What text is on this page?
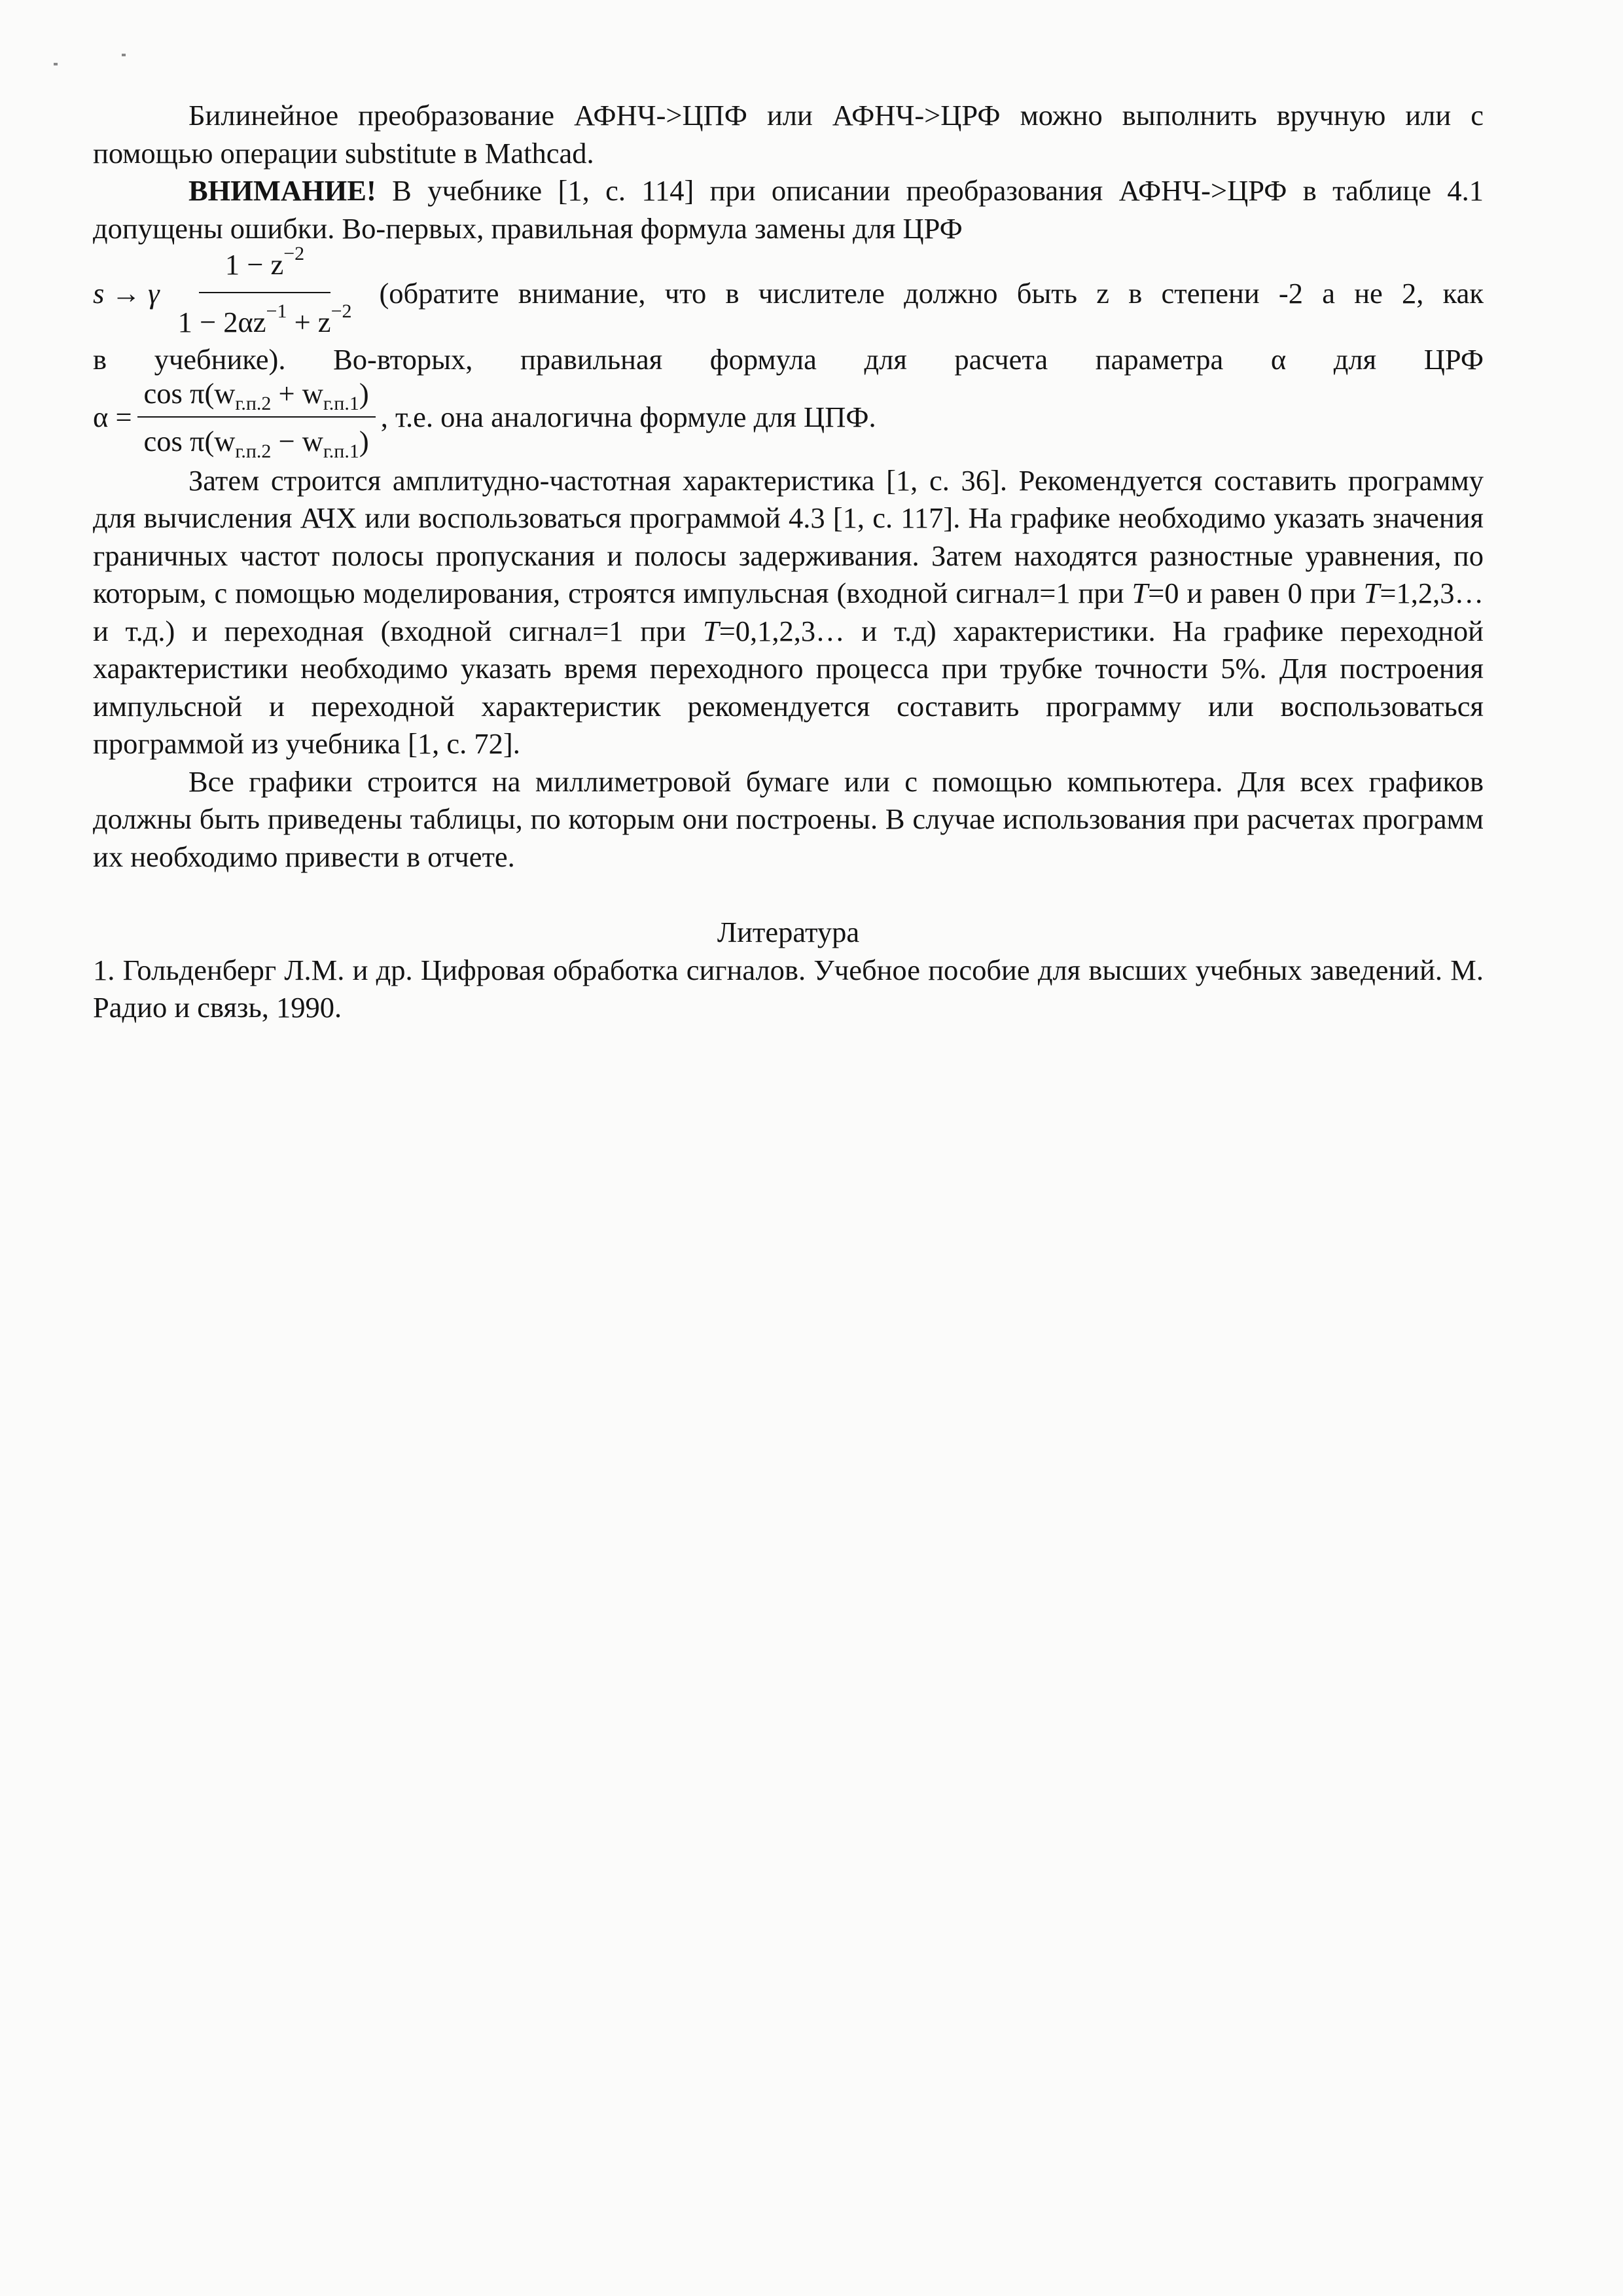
Билинейное преобразование АФНЧ->ЦПФ или АФНЧ->ЦРФ можно выполнить вручную или с помощью операции substitute в Mathcad.

ВНИМАНИЕ! В учебнике [1, с. 114] при описании преобразования АФНЧ->ЦРФ в таблице 4.1 допущены ошибки. Во-первых, правильная формула замены для ЦРФ

s → γ $\frac{1 - z^{-2}}{1 - 2\alpha z^{-1} + z^{-2}}$ (обратите внимание, что в числителе должно быть z в степени -2 а не 2, как

в учебнике). Во-вторых, правильная формула для расчета параметра α для ЦРФ

$\alpha = \frac{\cos \pi(w_{г.п.2} + w_{г.п.1})}{\cos \pi(w_{г.п.2} - w_{г.п.1})}$ , т.е. она аналогична формуле для ЦПФ.

Затем строится амплитудно-частотная характеристика [1, с. 36]. Рекомендуется составить программу для вычисления АЧХ или воспользоваться программой 4.3 [1, с. 117]. На графике необходимо указать значения граничных частот полосы пропускания и полосы задерживания. Затем находятся разностные уравнения, по которым, с помощью моделирования, строятся импульсная (входной сигнал=1 при T=0 и равен 0 при T=1,2,3… и т.д.) и переходная (входной сигнал=1 при T=0,1,2,3… и т.д) характеристики. На графике переходной характеристики необходимо указать время переходного процесса при трубке точности 5%. Для построения импульсной и переходной характеристик рекомендуется составить программу или воспользоваться программой из учебника [1, с. 72].

Все графики строится на миллиметровой бумаге или с помощью компьютера. Для всех графиков должны быть приведены таблицы, по которым они построены. В случае использования при расчетах программ их необходимо привести в отчете.

Литература

1. Гольденберг Л.М. и др. Цифровая обработка сигналов. Учебное пособие для высших учебных заведений. М. Радио и связь, 1990.
